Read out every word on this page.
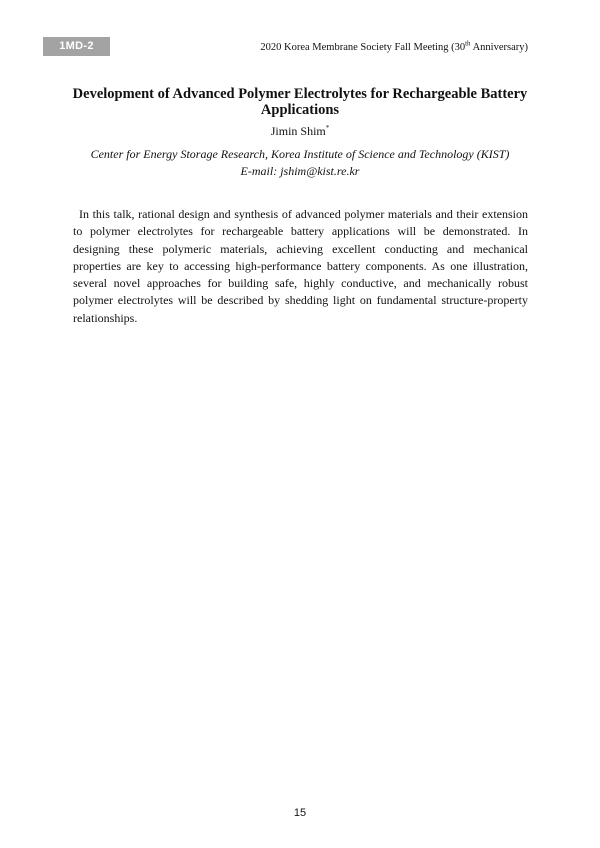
1MD-2	2020 Korea Membrane Society Fall Meeting (30th Anniversary)
Development of Advanced Polymer Electrolytes for Rechargeable Battery Applications
Jimin Shim*
Center for Energy Storage Research, Korea Institute of Science and Technology (KIST)
E-mail: jshim@kist.re.kr

In this talk, rational design and synthesis of advanced polymer materials and their extension to polymer electrolytes for rechargeable battery applications will be demonstrated. In designing these polymeric materials, achieving excellent conducting and mechanical properties are key to accessing high-performance battery components. As one illustration, several novel approaches for building safe, highly conductive, and mechanically robust polymer electrolytes will be described by shedding light on fundamental structure-property relationships.

15
